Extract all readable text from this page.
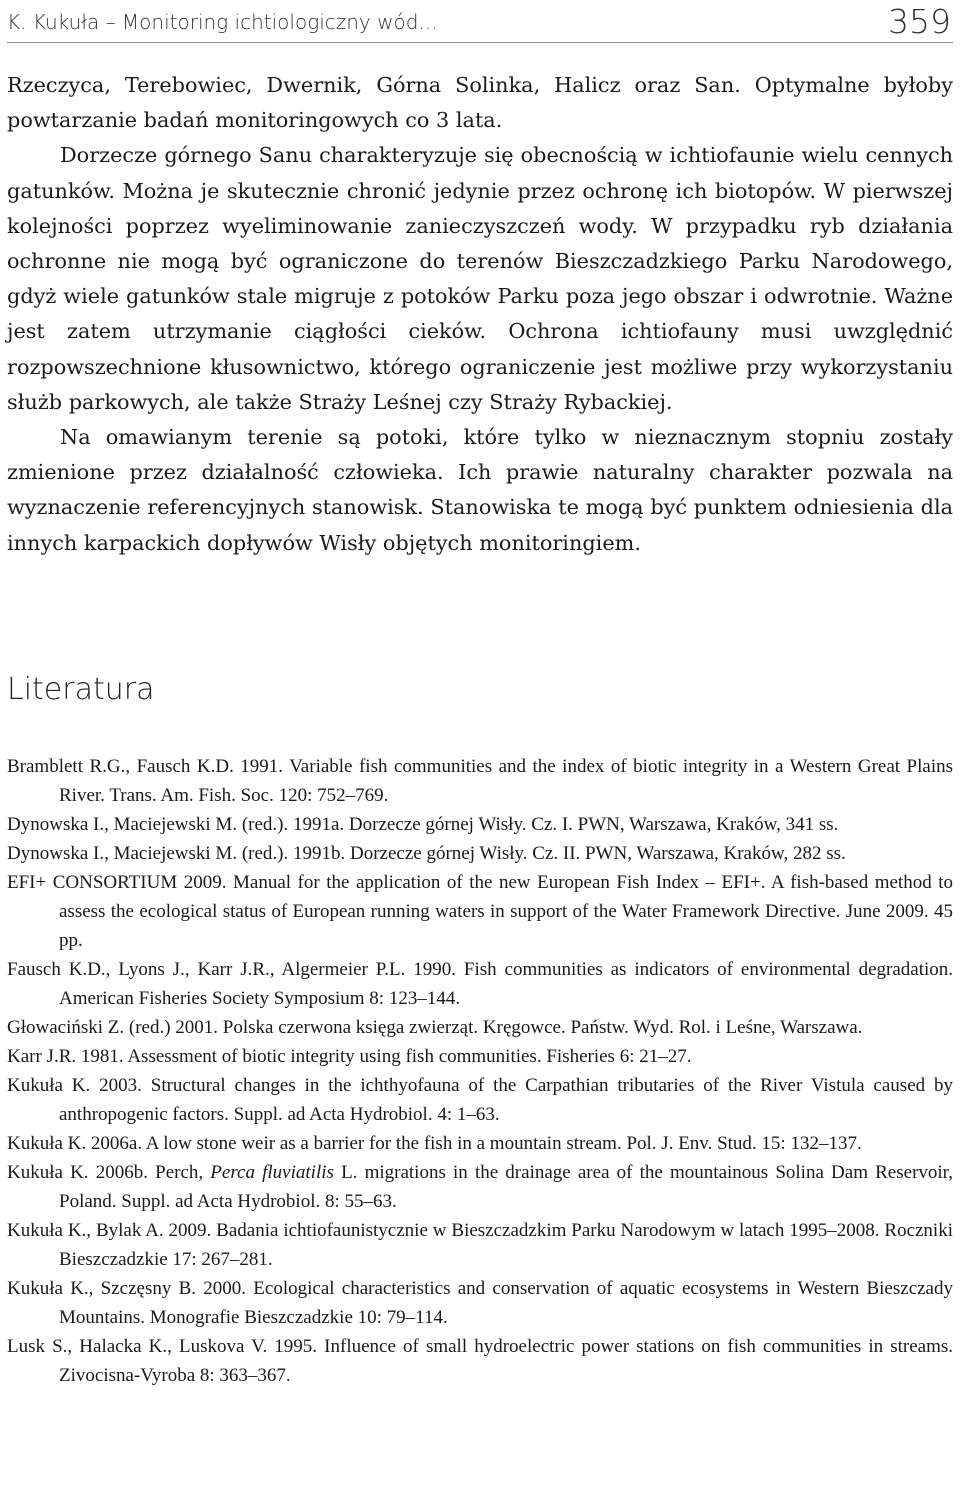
K. Kukuła – Monitoring ichtiologiczny wód...	359

Rzeczyca, Terebowiec, Dwernik, Górna Solinka, Halicz oraz San. Optymalne byłoby powtarzanie badań monitoringowych co 3 lata.

Dorzecze górnego Sanu charakteryzuje się obecnością w ichtiofaunie wielu cennych gatunków. Można je skutecznie chronić jedynie przez ochronę ich biotopów. W pierwszej kolejności poprzez wyeliminowanie zanieczyszczeń wody. W przypadku ryb działania ochronne nie mogą być ograniczone do terenów Bieszczadzkiego Parku Narodowego, gdyż wiele gatunków stale migruje z potoków Parku poza jego obszar i odwrotnie. Ważne jest zatem utrzymanie ciągłości cieków. Ochrona ichtiofauny musi uwzględnić rozpowszechnione kłusownictwo, którego ograniczenie jest możliwe przy wykorzystaniu służb parkowych, ale także Straży Leśnej czy Straży Rybackiej.

Na omawianym terenie są potoki, które tylko w nieznacznym stopniu zostały zmienione przez działalność człowieka. Ich prawie naturalny charakter pozwala na wyznaczenie referencyjnych stanowisk. Stanowiska te mogą być punktem odniesienia dla innych karpackich dopływów Wisły objętych monitoringiem.

Literatura

Bramblett R.G., Fausch K.D. 1991. Variable fish communities and the index of biotic integrity in a Western Great Plains River. Trans. Am. Fish. Soc. 120: 752–769.

Dynowska I., Maciejewski M. (red.). 1991a. Dorzecze górnej Wisły. Cz. I. PWN, Warszawa, Kraków, 341 ss.

Dynowska I., Maciejewski M. (red.). 1991b. Dorzecze górnej Wisły. Cz. II. PWN, Warszawa, Kraków, 282 ss.

EFI+ CONSORTIUM 2009. Manual for the application of the new European Fish Index – EFI+. A fish-based method to assess the ecological status of European running waters in support of the Water Framework Directive. June 2009. 45 pp.

Fausch K.D., Lyons J., Karr J.R., Algermeier P.L. 1990. Fish communities as indicators of environmental degradation. American Fisheries Society Symposium 8: 123–144.

Głowaciński Z. (red.) 2001. Polska czerwona księga zwierząt. Kręgowce. Państw. Wyd. Rol. i Leśne, Warszawa.

Karr J.R. 1981. Assessment of biotic integrity using fish communities. Fisheries 6: 21–27.

Kukuła K. 2003. Structural changes in the ichthyofauna of the Carpathian tributaries of the River Vistula caused by anthropogenic factors. Suppl. ad Acta Hydrobiol. 4: 1–63.

Kukuła K. 2006a. A low stone weir as a barrier for the fish in a mountain stream. Pol. J. Env. Stud. 15: 132–137.

Kukuła K. 2006b. Perch, Perca fluviatilis L. migrations in the drainage area of the mountainous Solina Dam Reservoir, Poland. Suppl. ad Acta Hydrobiol. 8: 55–63.

Kukuła K., Bylak A. 2009. Badania ichtiofaunistycznie w Bieszczadzkim Parku Narodowym w latach 1995–2008. Roczniki Bieszczadzkie 17: 267–281.

Kukuła K., Szczęsny B. 2000. Ecological characteristics and conservation of aquatic ecosystems in Western Bieszczady Mountains. Monografie Bieszczadzkie 10: 79–114.

Lusk S., Halacka K., Luskova V. 1995. Influence of small hydroelectric power stations on fish communities in streams. Zivocisna-Vyroba 8: 363–367.
